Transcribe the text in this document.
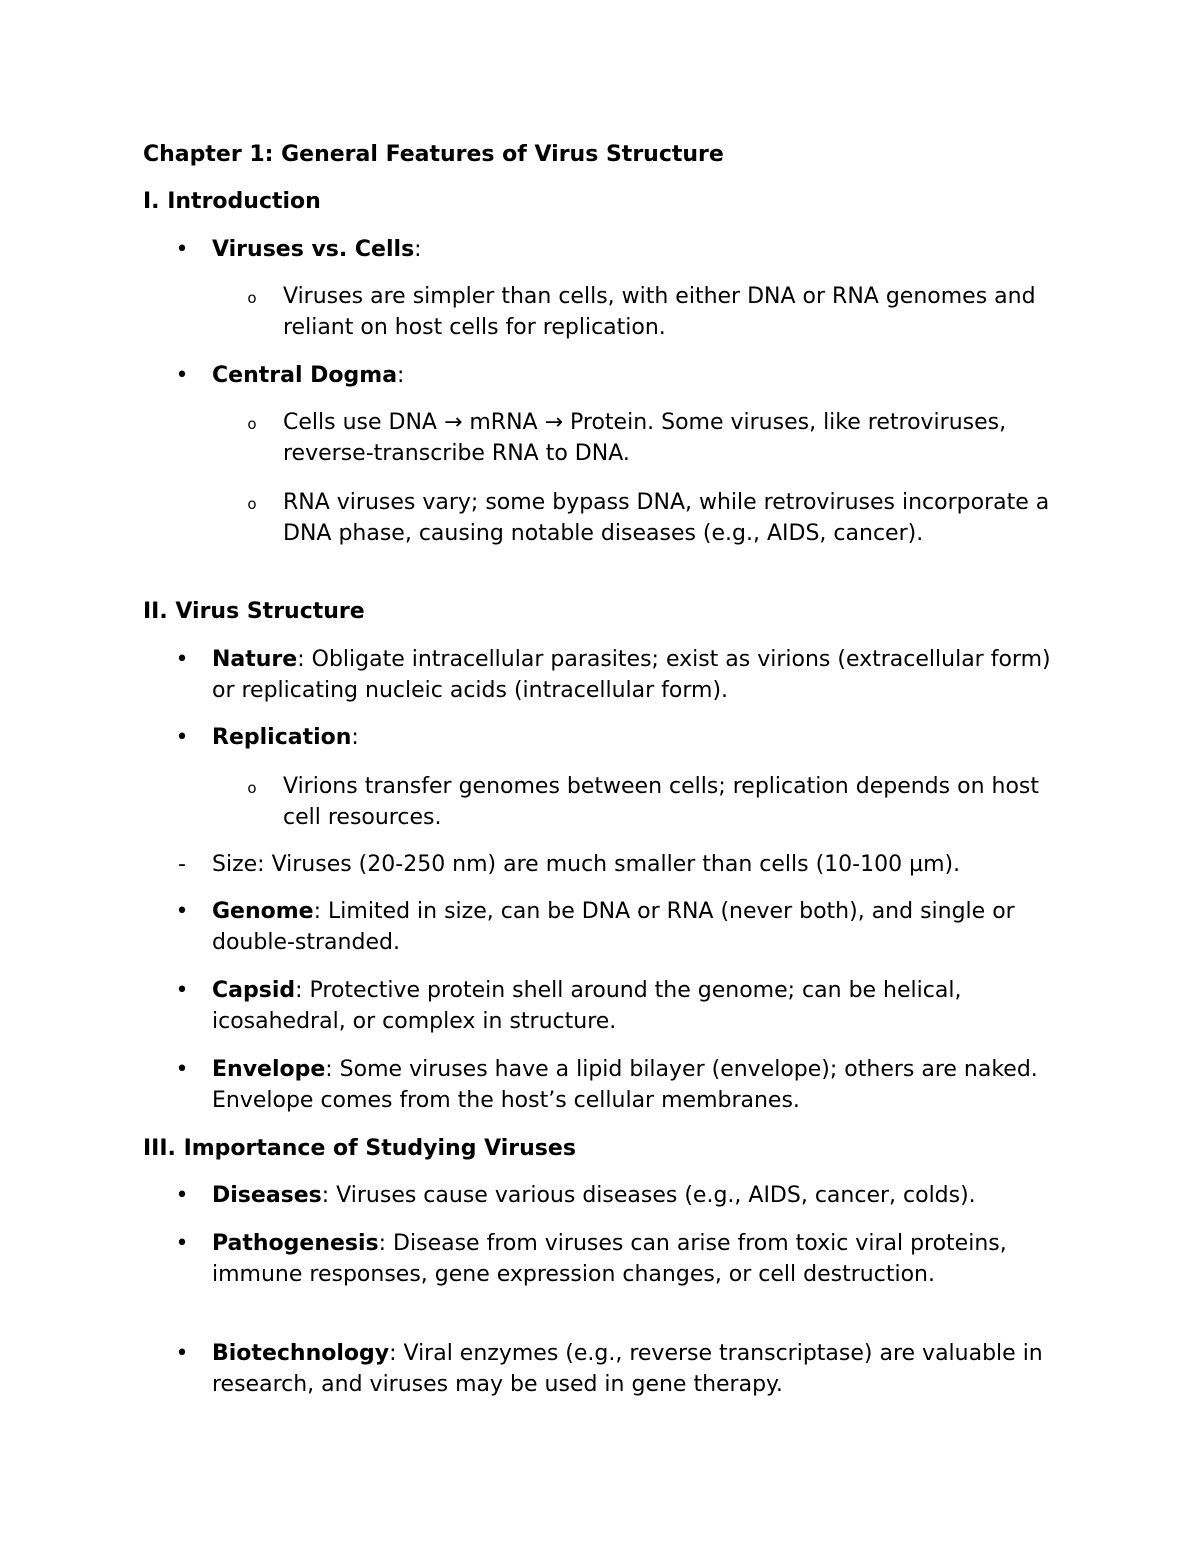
Chapter 1: General Features of Virus Structure
I. Introduction
• Viruses vs. Cells:
o Viruses are simpler than cells, with either DNA or RNA genomes and reliant on host cells for replication.
• Central Dogma:
o Cells use DNA → mRNA → Protein. Some viruses, like retroviruses, reverse-transcribe RNA to DNA.
o RNA viruses vary; some bypass DNA, while retroviruses incorporate a DNA phase, causing notable diseases (e.g., AIDS, cancer).
II. Virus Structure
• Nature: Obligate intracellular parasites; exist as virions (extracellular form) or replicating nucleic acids (intracellular form).
• Replication:
o Virions transfer genomes between cells; replication depends on host cell resources.
- Size: Viruses (20-250 nm) are much smaller than cells (10-100 µm).
• Genome: Limited in size, can be DNA or RNA (never both), and single or double-stranded.
• Capsid: Protective protein shell around the genome; can be helical, icosahedral, or complex in structure.
• Envelope: Some viruses have a lipid bilayer (envelope); others are naked. Envelope comes from the host’s cellular membranes.
III. Importance of Studying Viruses
• Diseases: Viruses cause various diseases (e.g., AIDS, cancer, colds).
• Pathogenesis: Disease from viruses can arise from toxic viral proteins, immune responses, gene expression changes, or cell destruction.
• Biotechnology: Viral enzymes (e.g., reverse transcriptase) are valuable in research, and viruses may be used in gene therapy.
